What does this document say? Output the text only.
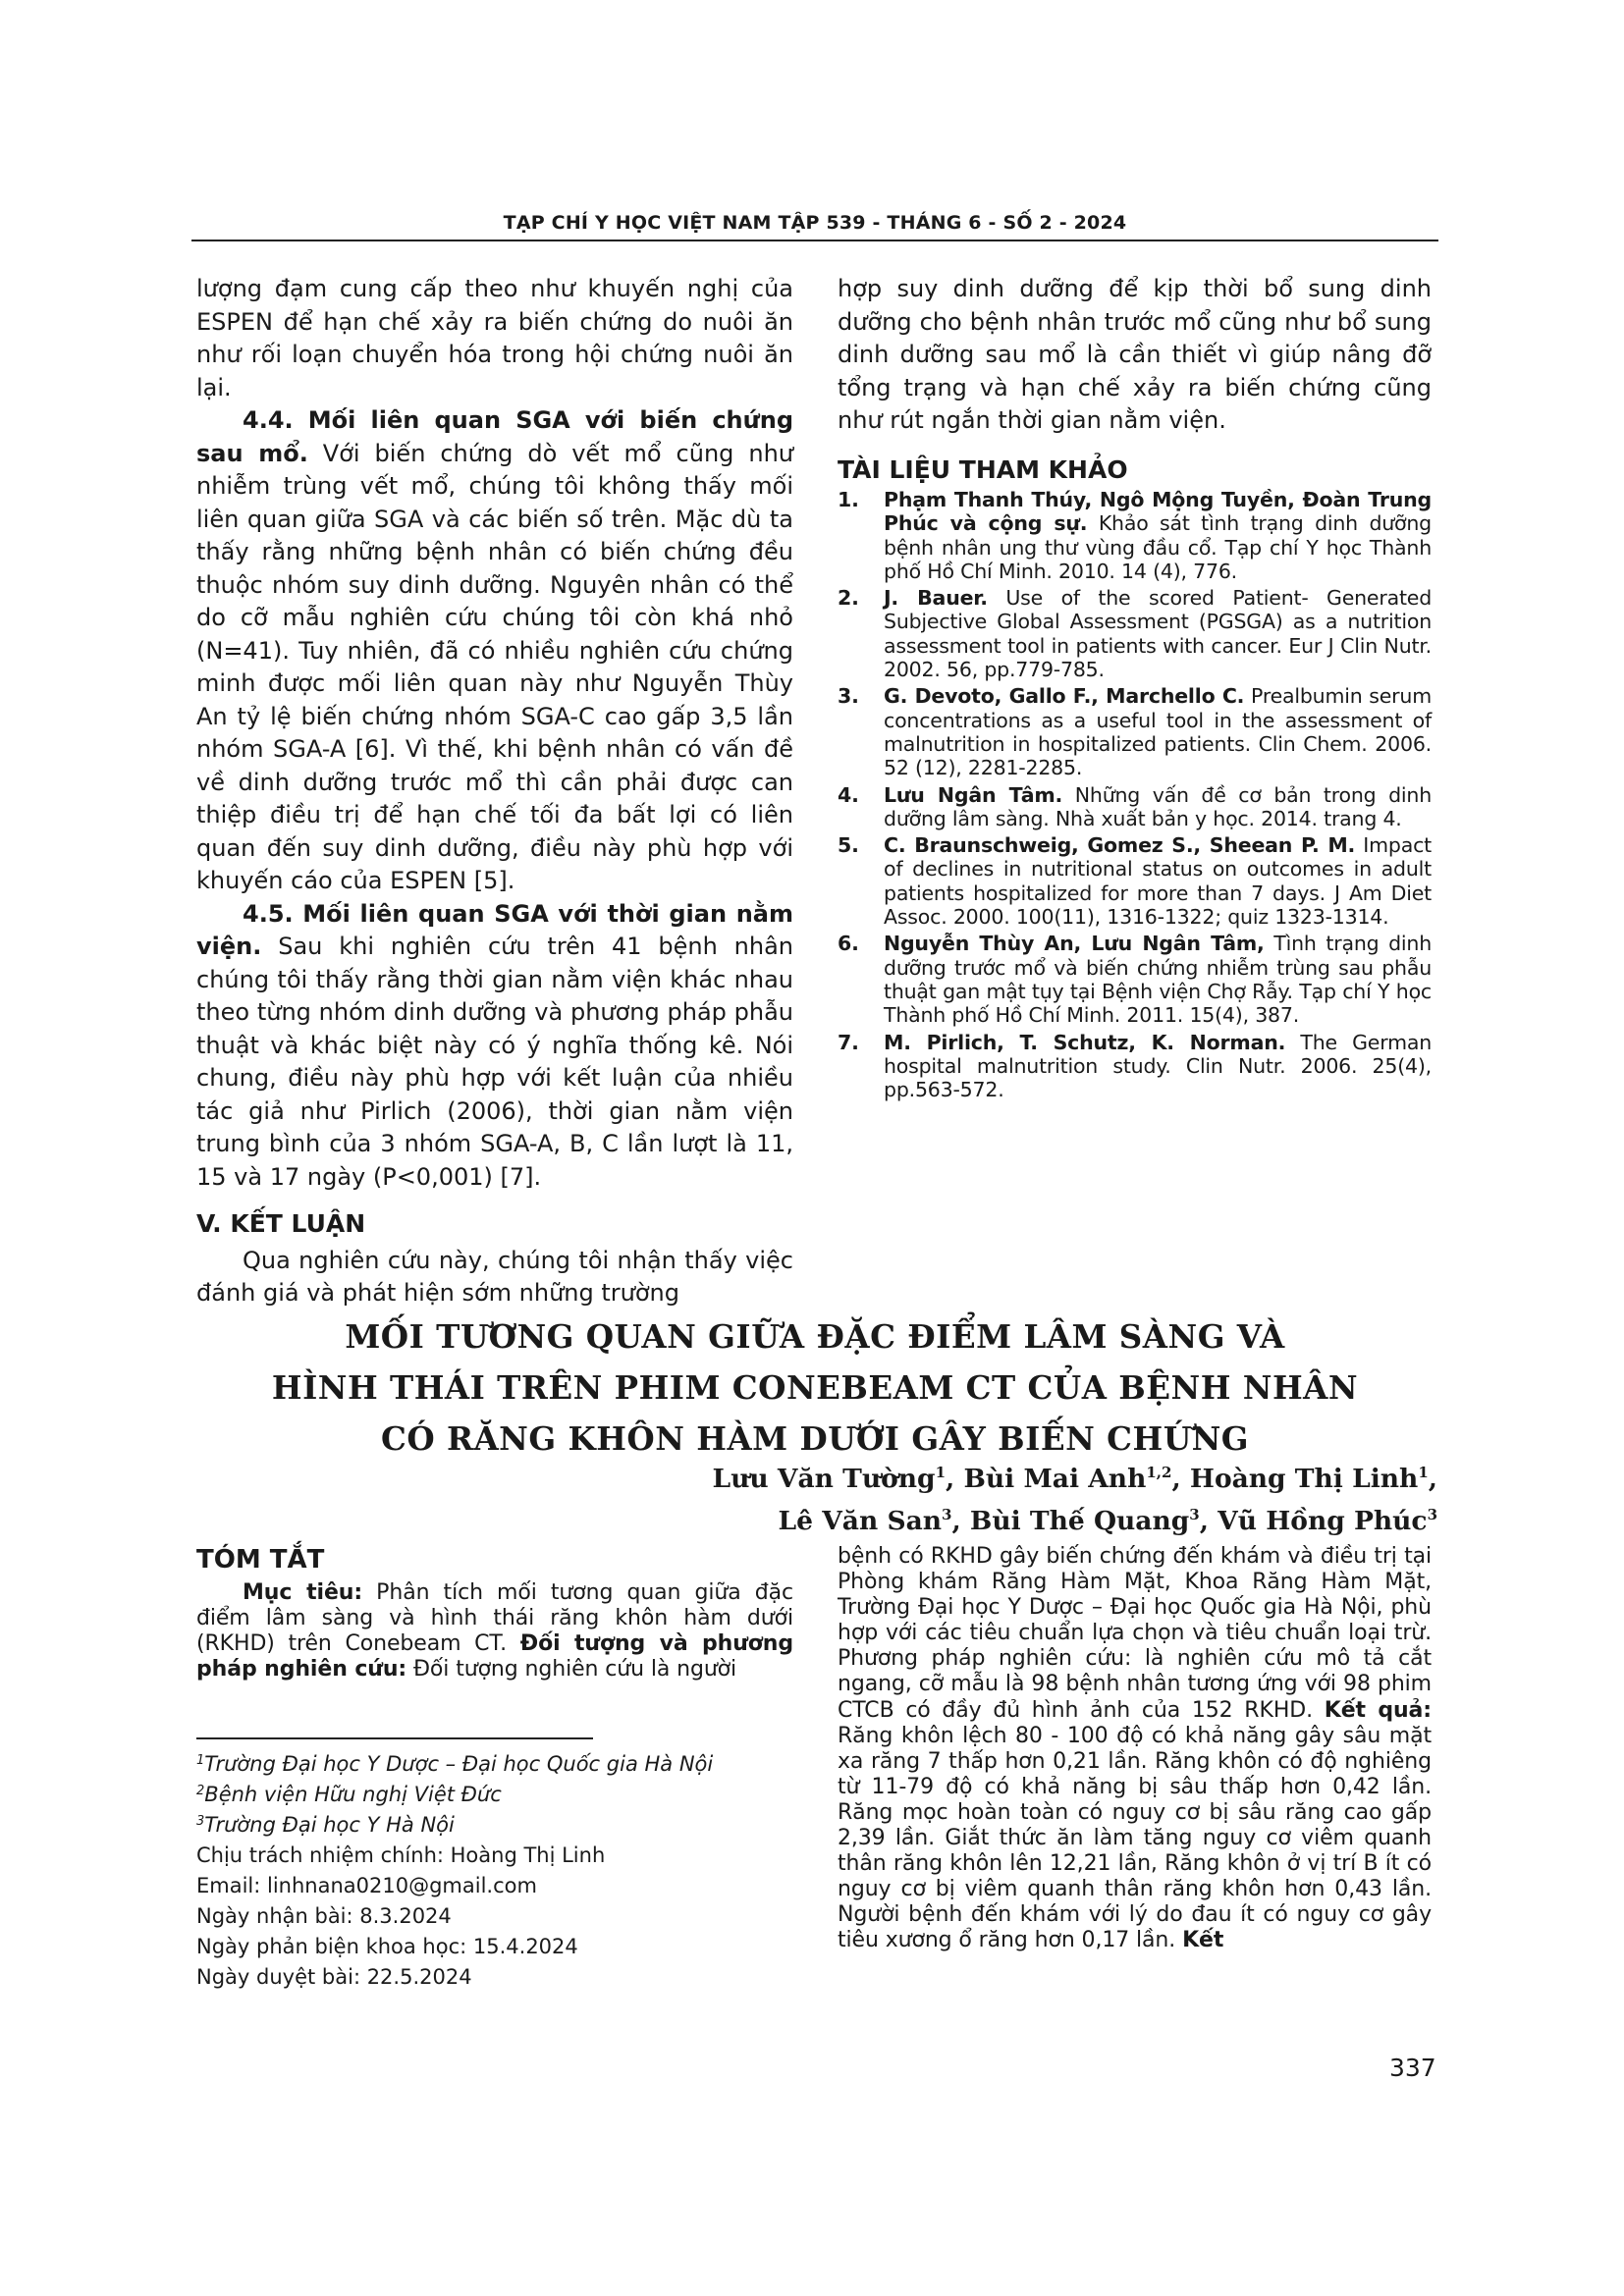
TẠP CHÍ Y HỌC VIỆT NAM TẬP 539 - THÁNG 6 - SỐ 2 - 2024

lượng đạm cung cấp theo như khuyến nghị của ESPEN để hạn chế xảy ra biến chứng do nuôi ăn như rối loạn chuyển hóa trong hội chứng nuôi ăn lại.

4.4. Mối liên quan SGA với biến chứng sau mổ. Với biến chứng dò vết mổ cũng như nhiễm trùng vết mổ, chúng tôi không thấy mối liên quan giữa SGA và các biến số trên. Mặc dù ta thấy rằng những bệnh nhân có biến chứng đều thuộc nhóm suy dinh dưỡng. Nguyên nhân có thể do cỡ mẫu nghiên cứu chúng tôi còn khá nhỏ (N=41). Tuy nhiên, đã có nhiều nghiên cứu chứng minh được mối liên quan này như Nguyễn Thùy An tỷ lệ biến chứng nhóm SGA-C cao gấp 3,5 lần nhóm SGA-A [6]. Vì thế, khi bệnh nhân có vấn đề về dinh dưỡng trước mổ thì cần phải được can thiệp điều trị để hạn chế tối đa bất lợi có liên quan đến suy dinh dưỡng, điều này phù hợp với khuyến cáo của ESPEN [5].

4.5. Mối liên quan SGA với thời gian nằm viện. Sau khi nghiên cứu trên 41 bệnh nhân chúng tôi thấy rằng thời gian nằm viện khác nhau theo từng nhóm dinh dưỡng và phương pháp phẫu thuật và khác biệt này có ý nghĩa thống kê. Nói chung, điều này phù hợp với kết luận của nhiều tác giả như Pirlich (2006), thời gian nằm viện trung bình của 3 nhóm SGA-A, B, C lần lượt là 11, 15 và 17 ngày (P<0,001) [7].

V. KẾT LUẬN

Qua nghiên cứu này, chúng tôi nhận thấy việc đánh giá và phát hiện sớm những trường

hợp suy dinh dưỡng để kịp thời bổ sung dinh dưỡng cho bệnh nhân trước mổ cũng như bổ sung dinh dưỡng sau mổ là cần thiết vì giúp nâng đỡ tổng trạng và hạn chế xảy ra biến chứng cũng như rút ngắn thời gian nằm viện.

TÀI LIỆU THAM KHẢO
1. Phạm Thanh Thúy, Ngô Mộng Tuyền, Đoàn Trung Phúc và cộng sự. Khảo sát tình trạng dinh dưỡng bệnh nhân ung thư vùng đầu cổ. Tạp chí Y học Thành phố Hồ Chí Minh. 2010. 14 (4), 776.
2. J. Bauer. Use of the scored Patient- Generated Subjective Global Assessment (PGSGA) as a nutrition assessment tool in patients with cancer. Eur J Clin Nutr. 2002. 56, pp.779-785.
3. G. Devoto, Gallo F., Marchello C. Prealbumin serum concentrations as a useful tool in the assessment of malnutrition in hospitalized patients. Clin Chem. 2006. 52 (12), 2281-2285.
4. Lưu Ngân Tâm. Những vấn đề cơ bản trong dinh dưỡng lâm sàng. Nhà xuất bản y học. 2014. trang 4.
5. C. Braunschweig, Gomez S., Sheean P. M. Impact of declines in nutritional status on outcomes in adult patients hospitalized for more than 7 days. J Am Diet Assoc. 2000. 100(11), 1316-1322; quiz 1323-1314.
6. Nguyễn Thùy An, Lưu Ngân Tâm, Tình trạng dinh dưỡng trước mổ và biến chứng nhiễm trùng sau phẫu thuật gan mật tụy tại Bệnh viện Chợ Rẫy. Tạp chí Y học Thành phố Hồ Chí Minh. 2011. 15(4), 387.
7. M. Pirlich, T. Schutz, K. Norman. The German hospital malnutrition study. Clin Nutr. 2006. 25(4), pp.563-572.
MỐI TƯƠNG QUAN GIỮA ĐẶC ĐIỂM LÂM SÀNG VÀ
HÌNH THÁI TRÊN PHIM CONEBEAM CT CỦA BỆNH NHÂN
CÓ RĂNG KHÔN HÀM DƯỚI GÂY BIẾN CHỨNG
Lưu Văn Tường$^1$, Bùi Mai Anh$^{1,2}$, Hoàng Thị Linh$^1$,
Lê Văn San$^3$, Bùi Thế Quang$^3$, Vũ Hồng Phúc$^3$
TÓM TẮT

Mục tiêu: Phân tích mối tương quan giữa đặc điểm lâm sàng và hình thái răng khôn hàm dưới (RKHD) trên Conebeam CT. Đối tượng và phương pháp nghiên cứu: Đối tượng nghiên cứu là người

bệnh có RKHD gây biến chứng đến khám và điều trị tại Phòng khám Răng Hàm Mặt, Khoa Răng Hàm Mặt, Trường Đại học Y Dược – Đại học Quốc gia Hà Nội, phù hợp với các tiêu chuẩn lựa chọn và tiêu chuẩn loại trừ. Phương pháp nghiên cứu: là nghiên cứu mô tả cắt ngang, cỡ mẫu là 98 bệnh nhân tương ứng với 98 phim CTCB có đầy đủ hình ảnh của 152 RKHD. Kết quả: Răng khôn lệch 80 - 100 độ có khả năng gây sâu mặt xa răng 7 thấp hơn 0,21 lần. Răng khôn có độ nghiêng từ 11-79 độ có khả năng bị sâu thấp hơn 0,42 lần. Răng mọc hoàn toàn có nguy cơ bị sâu răng cao gấp 2,39 lần. Giắt thức ăn làm tăng nguy cơ viêm quanh thân răng khôn lên 12,21 lần, Răng khôn ở vị trí B ít có nguy cơ bị viêm quanh thân răng khôn hơn 0,43 lần. Người bệnh đến khám với lý do đau ít có nguy cơ gây tiêu xương ổ răng hơn 0,17 lần. Kết

$^1$Trường Đại học Y Dược – Đại học Quốc gia Hà Nội
$^2$Bệnh viện Hữu nghị Việt Đức
$^3$Trường Đại học Y Hà Nội
Chịu trách nhiệm chính: Hoàng Thị Linh
Email: linhnana0210@gmail.com
Ngày nhận bài: 8.3.2024
Ngày phản biện khoa học: 15.4.2024
Ngày duyệt bài: 22.5.2024
337
